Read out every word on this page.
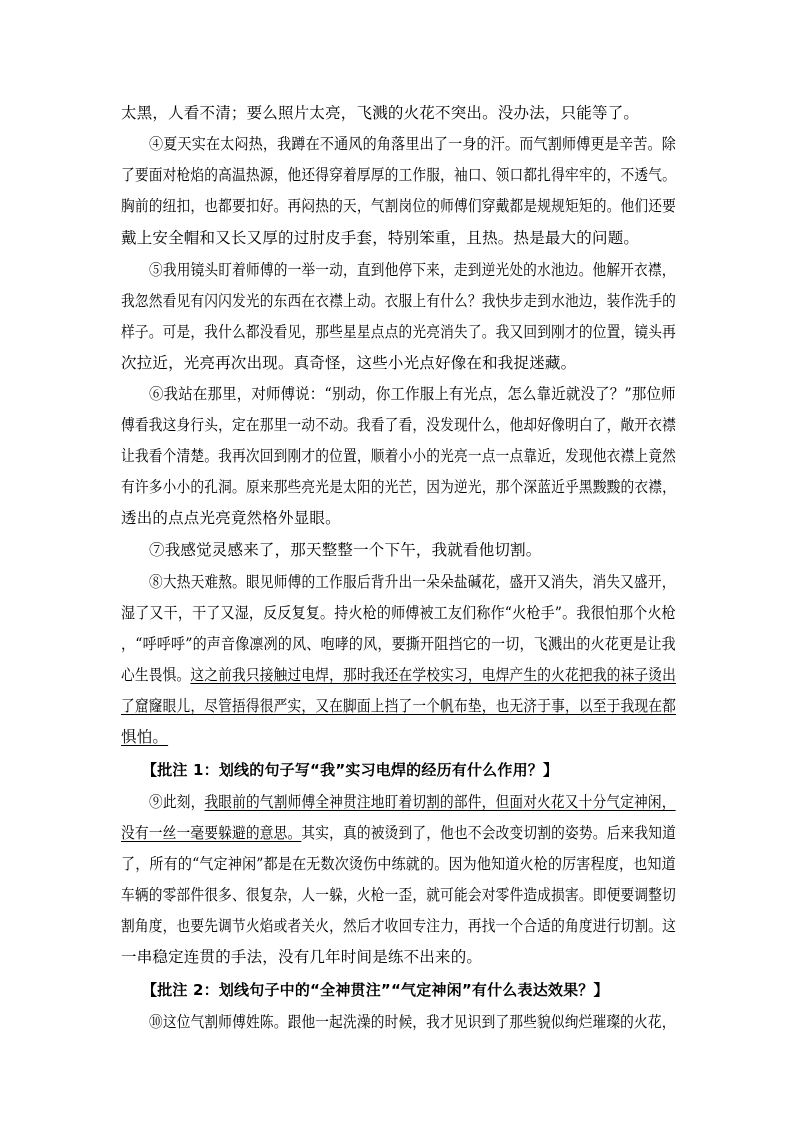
太黑，人看不清；要么照片太亮，飞溅的火花不突出。没办法，只能等了。
④夏天实在太闷热，我蹲在不通风的角落里出了一身的汗。而气割师傅更是辛苦。除
了要面对枪焰的高温热源，他还得穿着厚厚的工作服，袖口、领口都扎得牢牢的，不透气。
胸前的纽扣，也都要扣好。再闷热的天，气割岗位的师傅们穿戴都是规规矩矩的。他们还要
戴上安全帽和又长又厚的过肘皮手套，特别笨重，且热。热是最大的问题。
⑤我用镜头盯着师傅的一举一动，直到他停下来，走到逆光处的水池边。他解开衣襟，
我忽然看见有闪闪发光的东西在衣襟上动。衣服上有什么？我快步走到水池边，装作洗手的
样子。可是，我什么都没看见，那些星星点点的光亮消失了。我又回到刚才的位置，镜头再
次拉近，光亮再次出现。真奇怪，这些小光点好像在和我捉迷藏。
⑥我站在那里，对师傅说：“别动，你工作服上有光点，怎么靠近就没了？”那位师
傅看我这身行头，定在那里一动不动。我看了看，没发现什么，他却好像明白了，敞开衣襟
让我看个清楚。我再次回到刚才的位置，顺着小小的光亮一点一点靠近，发现他衣襟上竟然
有许多小小的孔洞。原来那些亮光是太阳的光芒，因为逆光，那个深蓝近乎黑黢黢的衣襟，
透出的点点光亮竟然格外显眼。
⑦我感觉灵感来了，那天整整一个下午，我就看他切割。
⑧大热天难熬。眼见师傅的工作服后背升出一朵朵盐碱花，盛开又消失，消失又盛开，
湿了又干，干了又湿，反反复复。持火枪的师傅被工友们称作“火枪手”。我很怕那个火枪
，“呼呼呼”的声音像凛冽的风、咆哮的风，要撕开阻挡它的一切，飞溅出的火花更是让我
心生畏惧。这之前我只接触过电焊，那时我还在学校实习，电焊产生的火花把我的袜子烫出
了窟窿眼儿，尽管捂得很严实，又在脚面上挡了一个帆布垫，也无济于事，以至于我现在都
惧怕。
【批注 1：划线的句子写“我”实习电焊的经历有什么作用？】
⑨此刻，我眼前的气割师傅全神贯注地盯着切割的部件，但面对火花又十分气定神闲，
没有一丝一毫要躲避的意思。其实，真的被烫到了，他也不会改变切割的姿势。后来我知道
了，所有的“气定神闲”都是在无数次烫伤中练就的。因为他知道火枪的厉害程度，也知道
车辆的零部件很多、很复杂，人一躲，火枪一歪，就可能会对零件造成损害。即便要调整切
割角度，也要先调节火焰或者关火，然后才收回专注力，再找一个合适的角度进行切割。这
一串稳定连贯的手法，没有几年时间是练不出来的。
【批注 2：划线句子中的“全神贯注”“气定神闲”有什么表达效果？】
⑩这位气割师傅姓陈。跟他一起洗澡的时候，我才见识到了那些貌似绚烂璀璨的火花，
